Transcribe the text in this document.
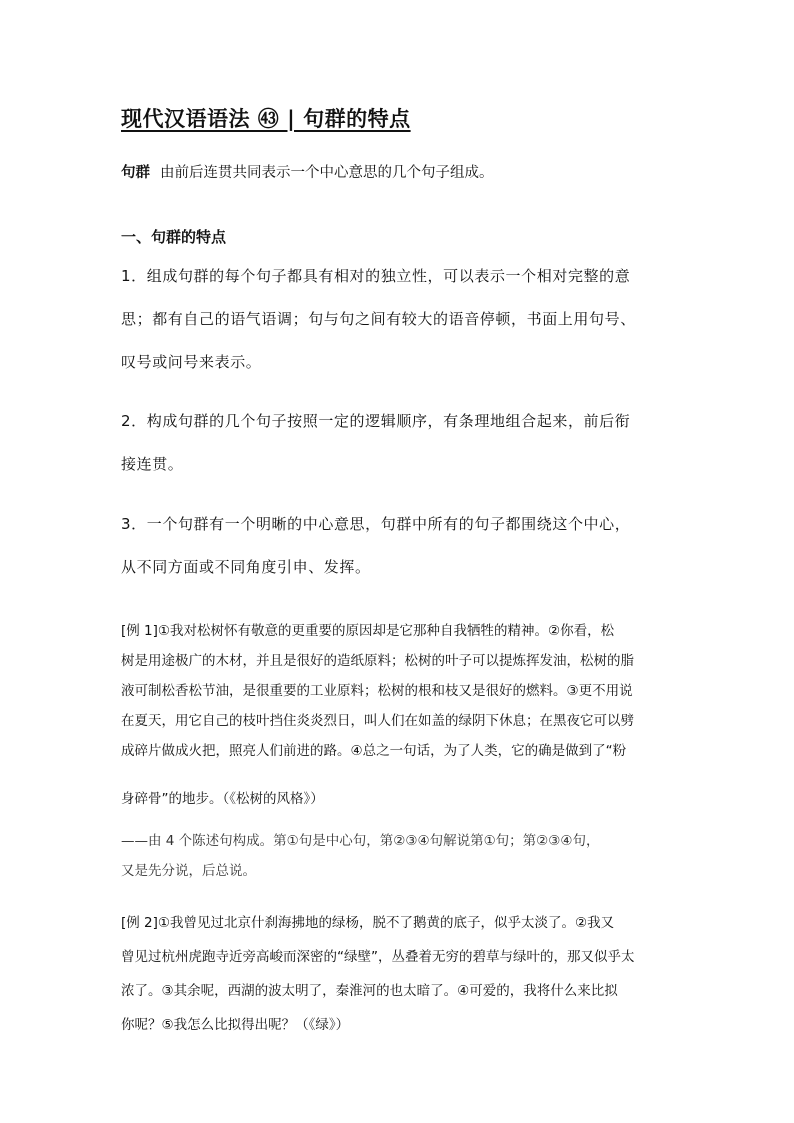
现代汉语语法 ㊸ | 句群的特点
句群 由前后连贯共同表示一个中心意思的几个句子组成。
一、句群的特点
1．组成句群的每个句子都具有相对的独立性，可以表示一个相对完整的意
思；都有自己的语气语调；句与句之间有较大的语音停顿，书面上用句号、
叹号或问号来表示。
2．构成句群的几个句子按照一定的逻辑顺序，有条理地组合起来，前后衔
接连贯。
3．一个句群有一个明晰的中心意思，句群中所有的句子都围绕这个中心，
从不同方面或不同角度引申、发挥。
[例 1]①我对松树怀有敬意的更重要的原因却是它那种自我牺牲的精神。②你看，松
树是用途极广的木材，并且是很好的造纸原料；松树的叶子可以提炼挥发油，松树的脂
液可制松香松节油，是很重要的工业原料；松树的根和枝又是很好的燃料。③更不用说
在夏天，用它自己的枝叶挡住炎炎烈日，叫人们在如盖的绿阴下休息；在黑夜它可以劈
成碎片做成火把，照亮人们前进的路。④总之一句话，为了人类，它的确是做到了“粉
身碎骨”的地步。（《松树的风格》）
——由 4 个陈述句构成。第①句是中心句，第②③④句解说第①句；第②③④句，
又是先分说，后总说。
[例 2]①我曾见过北京什刹海拂地的绿杨，脱不了鹅黄的底子，似乎太淡了。②我又
曾见过杭州虎跑寺近旁高峻而深密的“绿壁”，丛叠着无穷的碧草与绿叶的，那又似乎太
浓了。③其余呢，西湖的波太明了，秦淮河的也太暗了。④可爱的，我将什么来比拟
你呢？⑤我怎么比拟得出呢？（《绿》）
